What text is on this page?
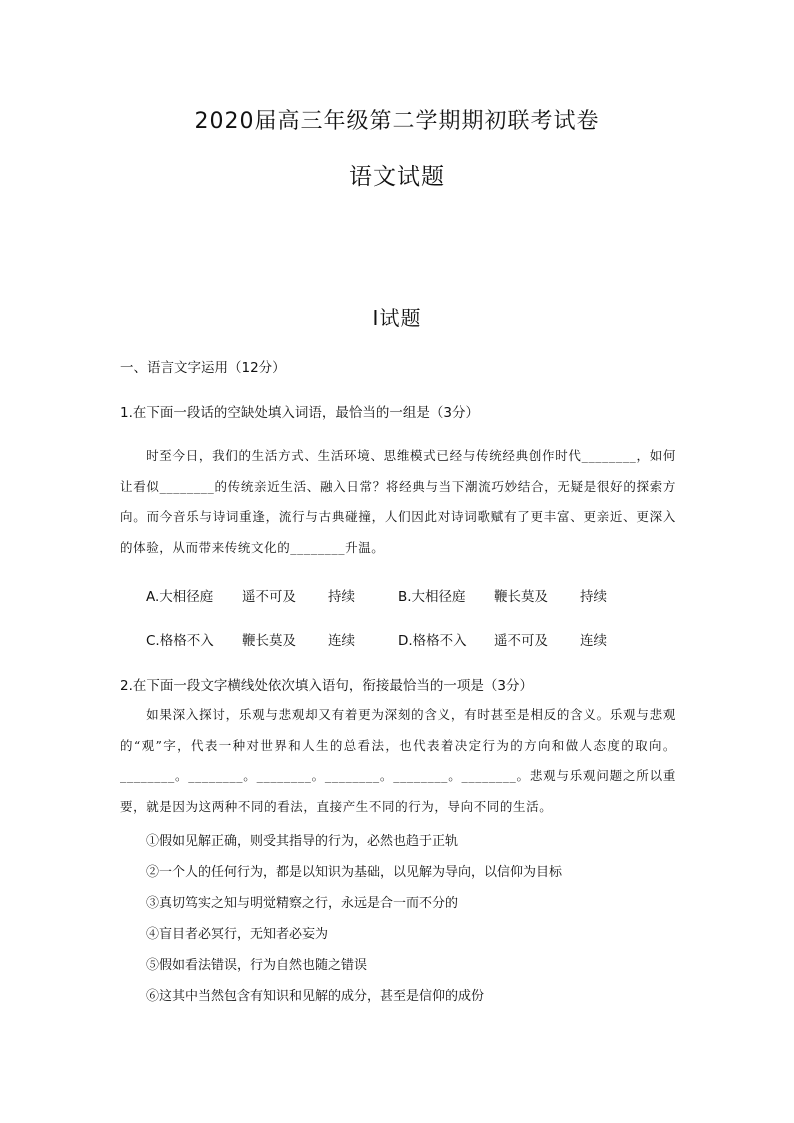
2020届高三年级第二学期期初联考试卷
语文试题
Ⅰ试题
一、语言文字运用（12分）
1.在下面一段话的空缺处填入词语，最恰当的一组是（3分）
时至今日，我们的生活方式、生活环境、思维模式已经与传统经典创作时代________，如何让看似________的传统亲近生活、融入日常？将经典与当下潮流巧妙结合，无疑是很好的探索方向。而今音乐与诗词重逢，流行与古典碰撞，人们因此对诗词歌赋有了更丰富、更亲近、更深入的体验，从而带来传统文化的________升温。
A.大相径庭 遥不可及 持续	B.大相径庭 鞭长莫及 持续
C.格格不入 鞭长莫及 连续	D.格格不入 遥不可及 连续
2.在下面一段文字横线处依次填入语句，衔接最恰当的一项是（3分）
如果深入探讨，乐观与悲观却又有着更为深刻的含义，有时甚至是相反的含义。乐观与悲观的“观”字，代表一种对世界和人生的总看法，也代表着决定行为的方向和做人态度的取向。________。________。________。________。________。________。悲观与乐观问题之所以重要，就是因为这两种不同的看法，直接产生不同的行为，导向不同的生活。
①假如见解正确，则受其指导的行为，必然也趋于正轨
②一个人的任何行为，都是以知识为基础，以见解为导向，以信仰为目标
③真切笃实之知与明觉精察之行，永远是合一而不分的
④盲目者必冥行，无知者必妄为
⑤假如看法错误，行为自然也随之错误
⑥这其中当然包含有知识和见解的成分，甚至是信仰的成份
